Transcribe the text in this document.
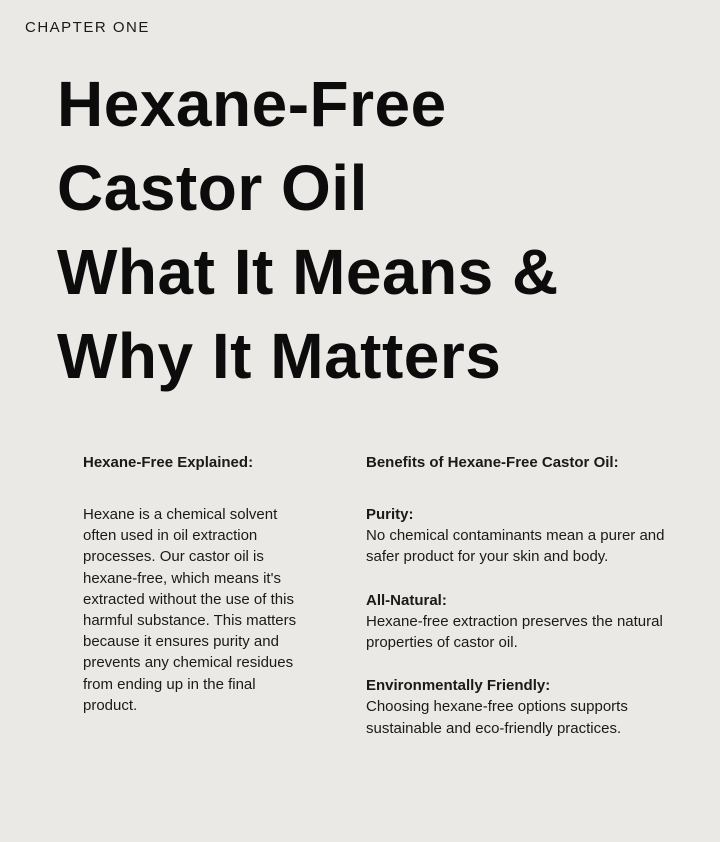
CHAPTER ONE
Hexane-Free
Castor Oil
What It Means &
Why It Matters

Hexane-Free Explained:

Hexane is a chemical solvent often used in oil extraction processes. Our castor oil is hexane-free, which means it's extracted without the use of this harmful substance. This matters because it ensures purity and prevents any chemical residues from ending up in the final product.

Benefits of Hexane-Free Castor Oil:

Purity:
No chemical contaminants mean a purer and safer product for your skin and body.
All-Natural:
Hexane-free extraction preserves the natural properties of castor oil.
Environmentally Friendly:
Choosing hexane-free options supports sustainable and eco-friendly practices.
